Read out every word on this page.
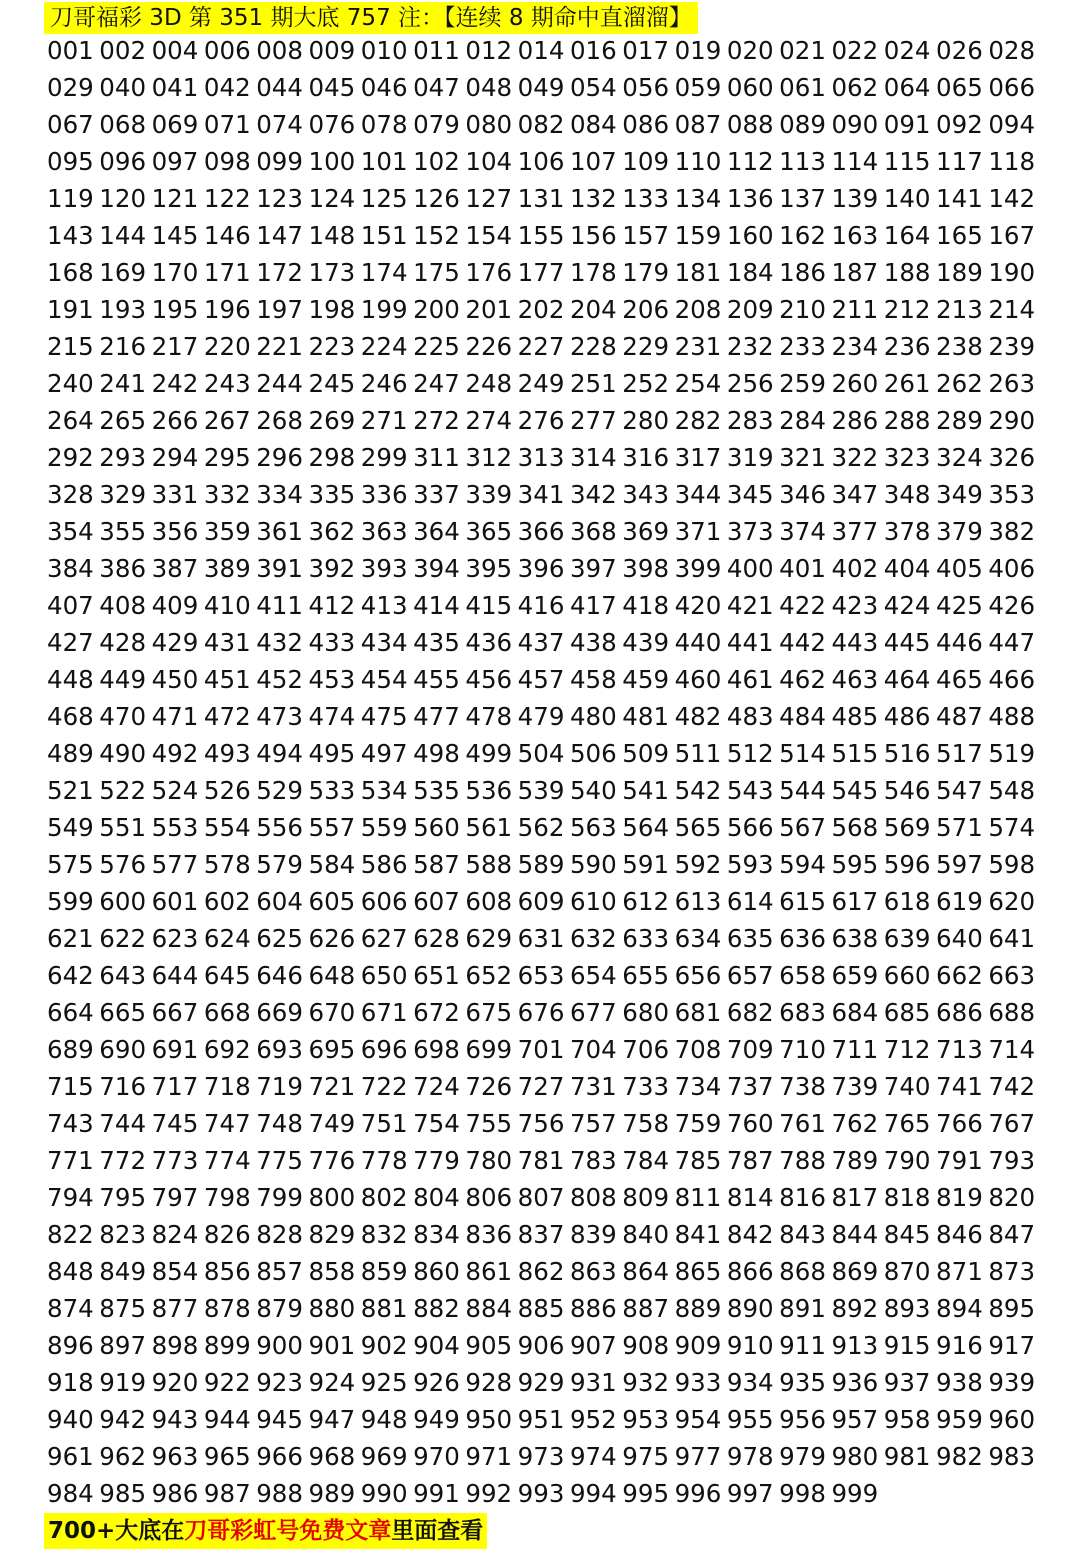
刀哥福彩 3D 第 351 期大底 757 注：【连续 8 期命中直溜溜】
001 002 004 006 008 009 010 011 012 014 016 017 019 020 021 022 024 026 028
029 040 041 042 044 045 046 047 048 049 054 056 059 060 061 062 064 065 066
067 068 069 071 074 076 078 079 080 082 084 086 087 088 089 090 091 092 094
095 096 097 098 099 100 101 102 104 106 107 109 110 112 113 114 115 117 118
119 120 121 122 123 124 125 126 127 131 132 133 134 136 137 139 140 141 142
143 144 145 146 147 148 151 152 154 155 156 157 159 160 162 163 164 165 167
168 169 170 171 172 173 174 175 176 177 178 179 181 184 186 187 188 189 190
191 193 195 196 197 198 199 200 201 202 204 206 208 209 210 211 212 213 214
215 216 217 220 221 223 224 225 226 227 228 229 231 232 233 234 236 238 239
240 241 242 243 244 245 246 247 248 249 251 252 254 256 259 260 261 262 263
264 265 266 267 268 269 271 272 274 276 277 280 282 283 284 286 288 289 290
292 293 294 295 296 298 299 311 312 313 314 316 317 319 321 322 323 324 326
328 329 331 332 334 335 336 337 339 341 342 343 344 345 346 347 348 349 353
354 355 356 359 361 362 363 364 365 366 368 369 371 373 374 377 378 379 382
384 386 387 389 391 392 393 394 395 396 397 398 399 400 401 402 404 405 406
407 408 409 410 411 412 413 414 415 416 417 418 420 421 422 423 424 425 426
427 428 429 431 432 433 434 435 436 437 438 439 440 441 442 443 445 446 447
448 449 450 451 452 453 454 455 456 457 458 459 460 461 462 463 464 465 466
468 470 471 472 473 474 475 477 478 479 480 481 482 483 484 485 486 487 488
489 490 492 493 494 495 497 498 499 504 506 509 511 512 514 515 516 517 519
521 522 524 526 529 533 534 535 536 539 540 541 542 543 544 545 546 547 548
549 551 553 554 556 557 559 560 561 562 563 564 565 566 567 568 569 571 574
575 576 577 578 579 584 586 587 588 589 590 591 592 593 594 595 596 597 598
599 600 601 602 604 605 606 607 608 609 610 612 613 614 615 617 618 619 620
621 622 623 624 625 626 627 628 629 631 632 633 634 635 636 638 639 640 641
642 643 644 645 646 648 650 651 652 653 654 655 656 657 658 659 660 662 663
664 665 667 668 669 670 671 672 675 676 677 680 681 682 683 684 685 686 688
689 690 691 692 693 695 696 698 699 701 704 706 708 709 710 711 712 713 714
715 716 717 718 719 721 722 724 726 727 731 733 734 737 738 739 740 741 742
743 744 745 747 748 749 751 754 755 756 757 758 759 760 761 762 765 766 767
771 772 773 774 775 776 778 779 780 781 783 784 785 787 788 789 790 791 793
794 795 797 798 799 800 802 804 806 807 808 809 811 814 816 817 818 819 820
822 823 824 826 828 829 832 834 836 837 839 840 841 842 843 844 845 846 847
848 849 854 856 857 858 859 860 861 862 863 864 865 866 868 869 870 871 873
874 875 877 878 879 880 881 882 884 885 886 887 889 890 891 892 893 894 895
896 897 898 899 900 901 902 904 905 906 907 908 909 910 911 913 915 916 917
918 919 920 922 923 924 925 926 928 929 931 932 933 934 935 936 937 938 939
940 942 943 944 945 947 948 949 950 951 952 953 954 955 956 957 958 959 960
961 962 963 965 966 968 969 970 971 973 974 975 977 978 979 980 981 982 983
984 985 986 987 988 989 990 991 992 993 994 995 996 997 998 999
700+大底在刀哥彩虹号免费文章里面查看
